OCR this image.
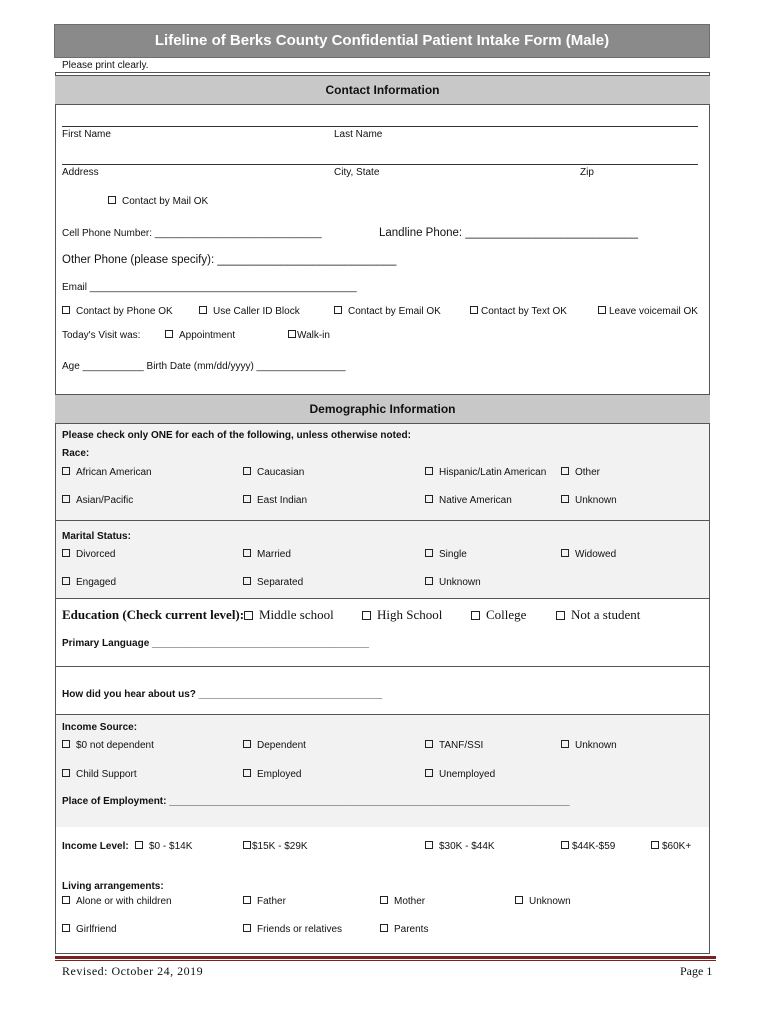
Lifeline of Berks County Confidential Patient Intake Form (Male)
Please print clearly.
Contact Information
First Name	Last Name
Address	City, State	Zip
Contact by Mail OK
Cell Phone Number: ______________________________	Landline Phone: ___________________________
Other Phone (please specify): ____________________________
Email ________________________________________________
Contact by Phone OK	Use Caller ID Block	Contact by Email OK	Contact by Text OK	Leave voicemail OK
Today's Visit was:	Appointment	Walk-in
Age ___________ Birth Date (mm/dd/yyyy) ________________
Demographic Information
Please check only ONE for each of the following, unless otherwise noted:
Race:
African American	Caucasian	Hispanic/Latin American	Other
Asian/Pacific	East Indian	Native American	Unknown
Marital Status:
Divorced	Married	Single	Widowed
Engaged	Separated	Unknown
Education (Check current level):	Middle school	High School	College	Not a student
Primary Language _______________________________________
How did you hear about us? _________________________________
Income Source:
$0 not dependent	Dependent	TANF/SSI	Unknown
Child Support	Employed	Unemployed
Place of Employment: ________________________________________________________________________
Income Level:	$0 - $14K	$15K - $29K	$30K - $44K	$44K-$59	$60K+
Living arrangements:
Alone or with children	Father	Mother	Unknown
Girlfriend	Friends or relatives	Parents
Revised: October 24, 2019	Page 1
